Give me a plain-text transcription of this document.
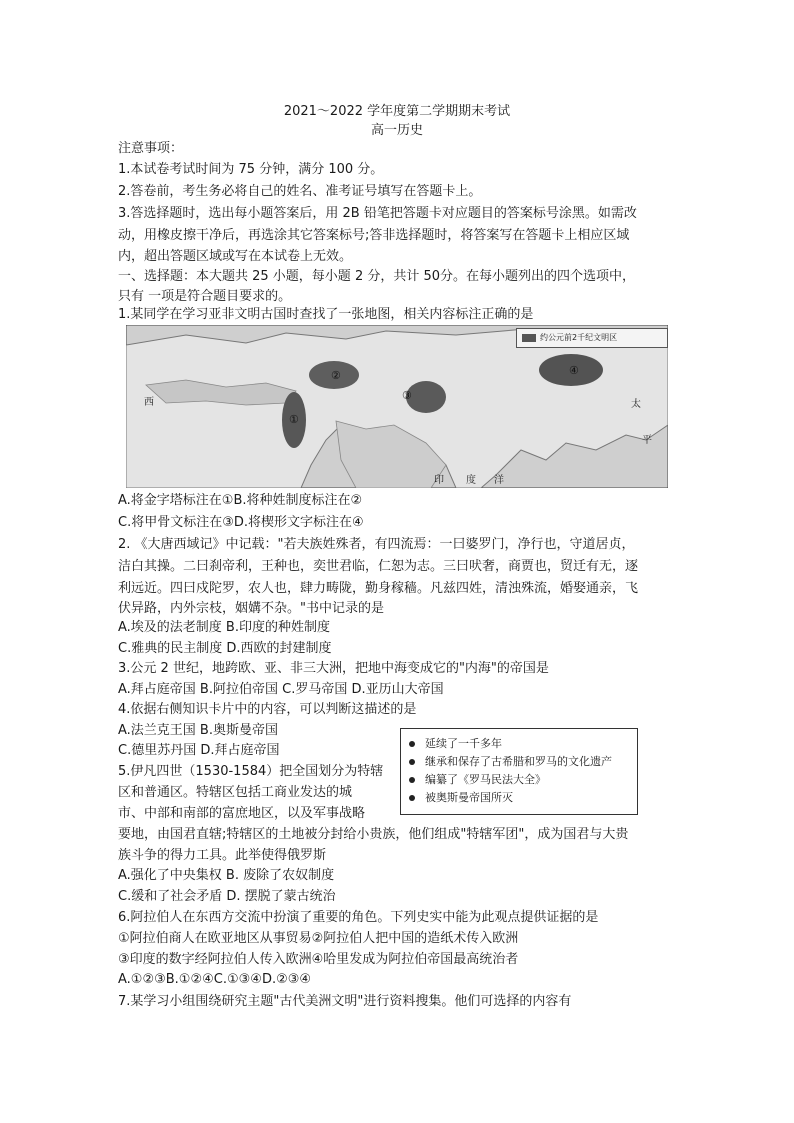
2021～2022 学年度第二学期期末考试
高一历史
注意事项：
1.本试卷考试时间为 75 分钟，满分 100 分。
2.答卷前，考生务必将自己的姓名、准考证号填写在答题卡上。
3.答选择题时，选出每小题答案后，用 2B 铅笔把答题卡对应题目的答案标号涂黑。如需改
动，用橡皮擦干净后，再选涂其它答案标号;答非选择题时，将答案写在答题卡上相应区域
内，超出答题区域或写在本试卷上无效。
一、选择题：本大题共 25 小题，每小题 2 分，共计 50分。在每小题列出的四个选项中，
只有 一项是符合题目要求的。
1.某同学在学习亚非文明古国时查找了一张地图，相关内容标注正确的是
①
②
③
④
西	太
平
印 度 洋
约公元前2千纪文明区
A.将金字塔标注在①B.将种姓制度标注在②
C.将甲骨文标注在③D.将楔形文字标注在④
2. 《大唐西域记》中记载："若夫族姓殊者，有四流焉：一曰婆罗门，净行也，守道居贞，
洁白其操。二曰刹帝利，王种也，奕世君临，仁恕为志。三曰吠奢，商贾也，贸迁有无，逐
利远近。四曰戍陀罗，农人也，肆力畴陇，勤身稼穑。凡兹四姓，清浊殊流，婚娶通亲，飞
伏异路，内外宗枝，姻媾不杂。"书中记录的是
A.埃及的法老制度 B.印度的种姓制度
C.雅典的民主制度 D.西欧的封建制度
3.公元 2 世纪，地跨欧、亚、非三大洲，把地中海变成它的"内海"的帝国是
A.拜占庭帝国 B.阿拉伯帝国 C.罗马帝国 D.亚历山大帝国
4.依据右侧知识卡片中的内容，可以判断这描述的是
A.法兰克王国 B.奥斯曼帝国
C.德里苏丹国 D.拜占庭帝国	延续了一千多年
继承和保存了古希腊和罗马的文化遗产
编纂了《罗马民法大全》
被奥斯曼帝国所灭
5.伊凡四世（1530-1584）把全国划分为特辖
区和普通区。特辖区包括工商业发达的城
市、中部和南部的富庶地区，以及军事战略
要地，由国君直辖;特辖区的土地被分封给小贵族，他们组成"特辖军团"，成为国君与大贵
族斗争的得力工具。此举使得俄罗斯
A.强化了中央集权 B. 废除了农奴制度
C.缓和了社会矛盾 D. 摆脱了蒙古统治
6.阿拉伯人在东西方交流中扮演了重要的角色。下列史实中能为此观点提供证据的是
①阿拉伯商人在欧亚地区从事贸易②阿拉伯人把中国的造纸术传入欧洲
③印度的数字经阿拉伯人传入欧洲④哈里发成为阿拉伯帝国最高统治者
A.①②③B.①②④C.①③④D.②③④
7.某学习小组围绕研究主题"古代美洲文明"进行资料搜集。他们可选择的内容有
